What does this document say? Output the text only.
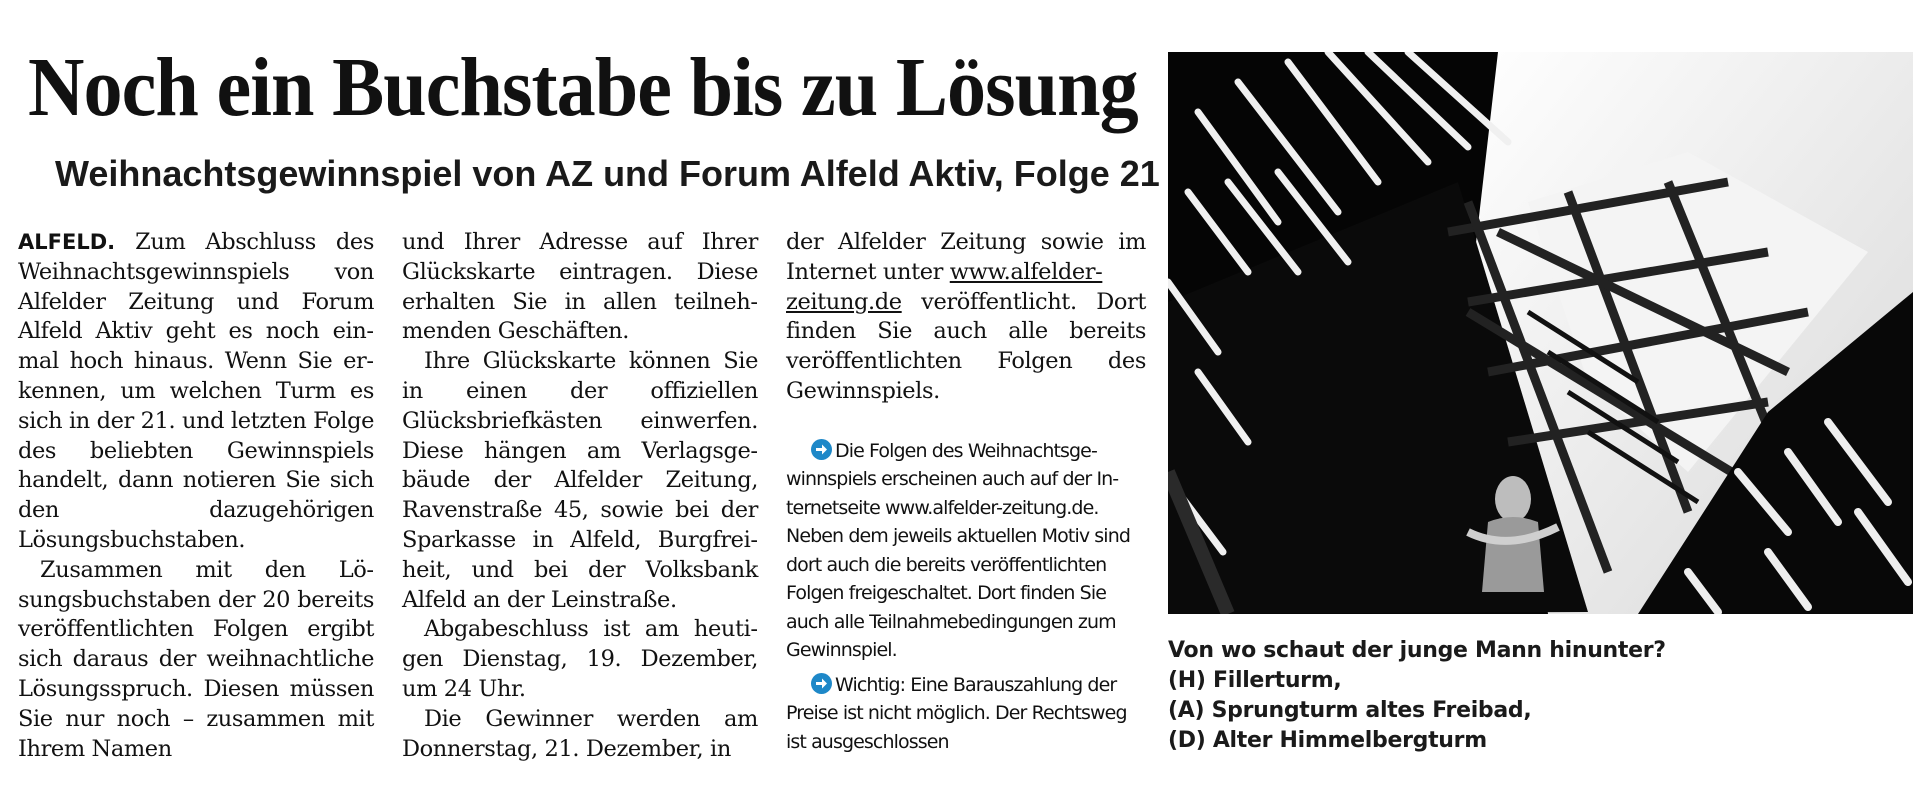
Noch ein Buchstabe bis zu Lösung
Weihnachtsgewinnspiel von AZ und Forum Alfeld Aktiv, Folge 21

ALFELD. Zum Abschluss des Weihnachtsgewinnspiels von Alfelder Zeitung und Forum Alfeld Aktiv geht es noch einmal hoch hinaus. Wenn Sie erkennen, um welchen Turm es sich in der 21. und letzten Folge des beliebten Gewinnspiels handelt, dann notieren Sie sich den dazugehörigen Lösungsbuchstaben.

Zusammen mit den Lösungsbuchstaben der 20 bereits veröffentlichten Folgen ergibt sich daraus der weihnachtliche Lösungsspruch. Diesen müssen Sie nur noch – zusammen mit Ihrem Namen

und Ihrer Adresse auf Ihrer Glückskarte eintragen. Diese erhalten Sie in allen teilnehmenden Geschäften.

Ihre Glückskarte können Sie in einen der offiziellen Glücksbriefkästen einwerfen. Diese hängen am Verlagsgebäude der Alfelder Zeitung, Ravenstraße 45, sowie bei der Sparkasse in Alfeld, Burgfreiheit, und bei der Volksbank Alfeld an der Leinstraße.

Abgabeschluss ist am heutigen Dienstag, 19. Dezember, um 24 Uhr.

Die Gewinner werden am Donnerstag, 21. Dezember, in

der Alfelder Zeitung sowie im Internet unter www.alfelder-
zeitung.de veröffentlicht. Dort finden Sie auch alle bereits veröffentlichten Folgen des Gewinnspiels.

Die Folgen des Weihnachtsgewinnspiels erscheinen auch auf der Internetseite www.alfelder-zeitung.de. Neben dem jeweils aktuellen Motiv sind dort auch die bereits veröffentlichten Folgen freigeschaltet. Dort finden Sie auch alle Teilnahmebedingungen zum Gewinnspiel.

Wichtig: Eine Barauszahlung der Preise ist nicht möglich. Der Rechtsweg ist ausgeschlossen

Von wo schaut der junge Mann hinunter?
(H) Fillerturm,
(A) Sprungturm altes Freibad,
(D) Alter Himmelbergturm
